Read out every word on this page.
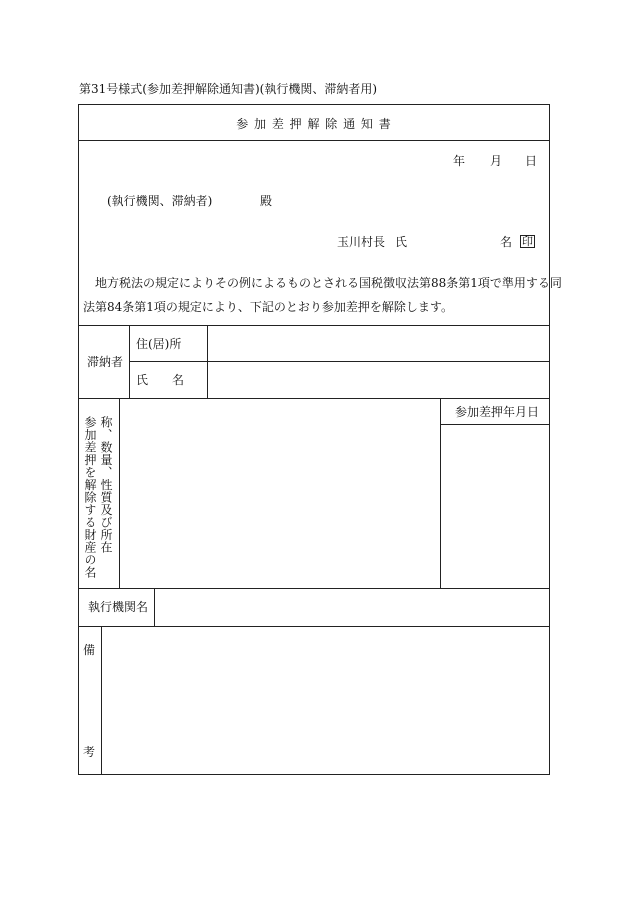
第31号様式(参加差押解除通知書)(執行機関、滞納者用)
参 加 差 押 解 除 通 知 書
年 月 日
(執行機関、滞納者)	殿
玉川村長 氏	名 印
地方税法の規定によりその例によるものとされる国税徴収法第88条第1項で準用する同
法第84条第1項の規定により、下記のとおり参加差押を解除します。
滞納者
住(居)所
氏　　名
参加差押を解除する財産の名 称、数量、性質及び所在
参加差押年月日
執行機関名
備
考
